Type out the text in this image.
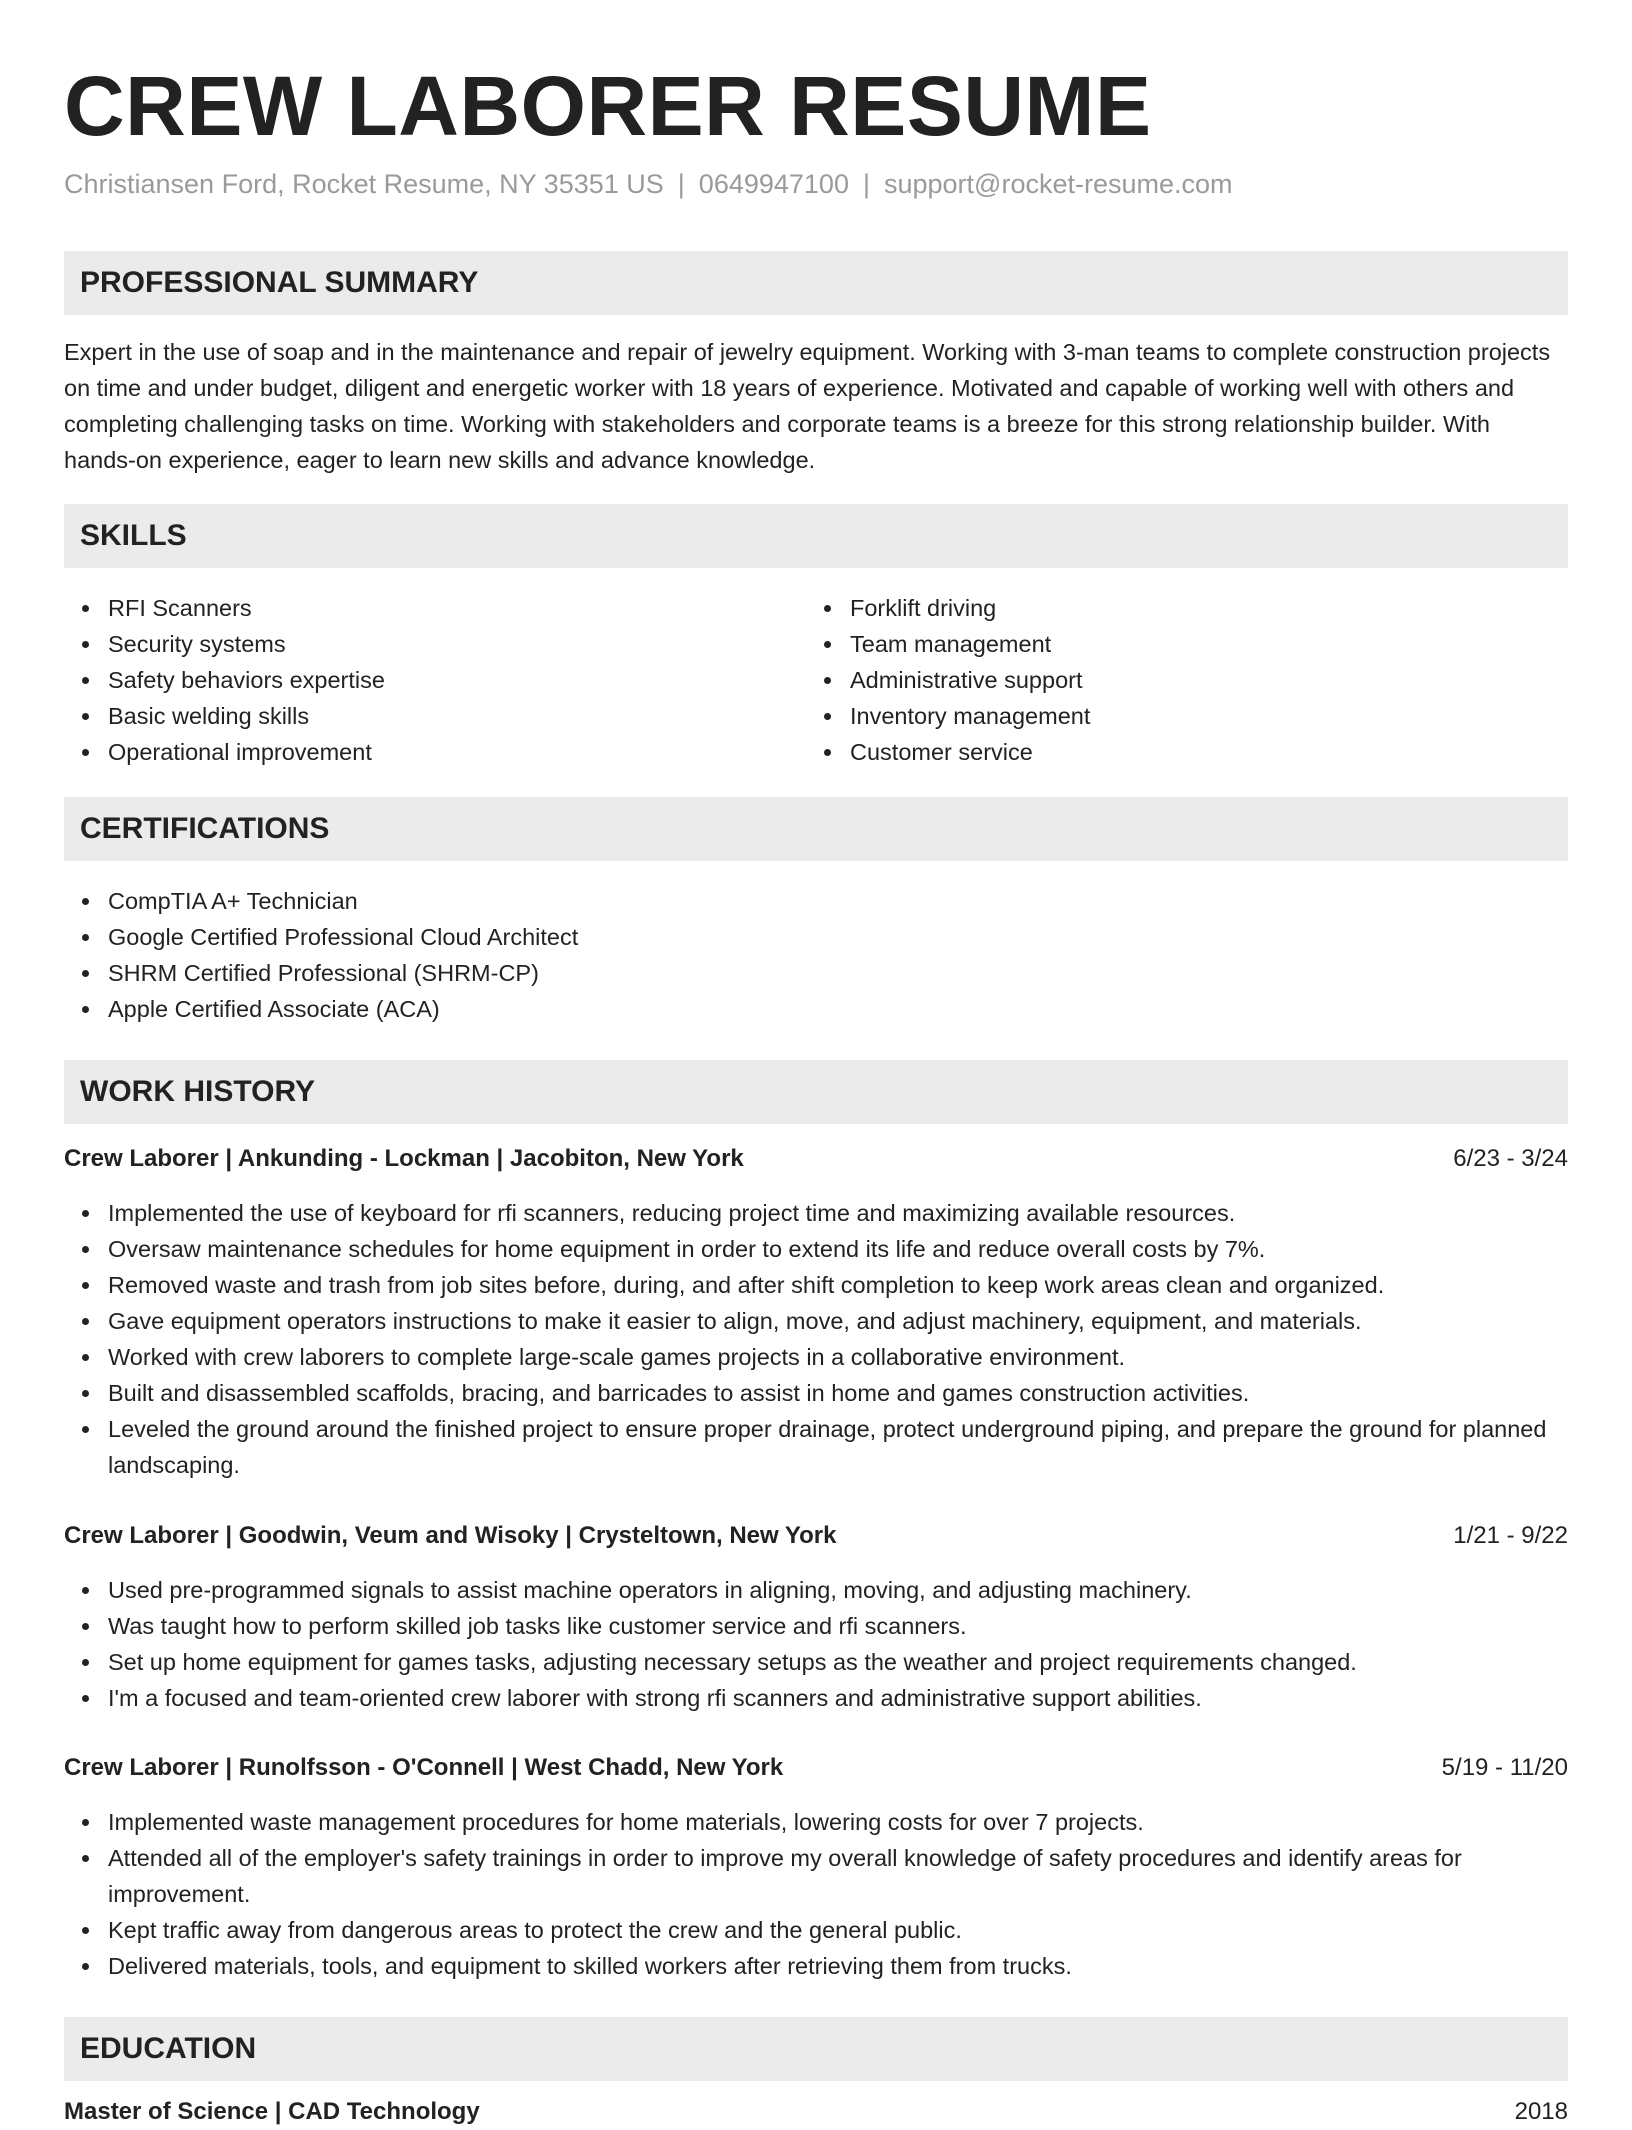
CREW LABORER RESUME
Christiansen Ford, Rocket Resume, NY 35351 US | 0649947100 | support@rocket-resume.com
PROFESSIONAL SUMMARY

Expert in the use of soap and in the maintenance and repair of jewelry equipment. Working with 3-man teams to complete construction projects on time and under budget, diligent and energetic worker with 18 years of experience. Motivated and capable of working well with others and completing challenging tasks on time. Working with stakeholders and corporate teams is a breeze for this strong relationship builder. With hands-on experience, eager to learn new skills and advance knowledge.

SKILLS
RFI Scanners
Security systems
Safety behaviors expertise
Basic welding skills
Operational improvement
Forklift driving
Team management
Administrative support
Inventory management
Customer service
CERTIFICATIONS
CompTIA A+ Technician
Google Certified Professional Cloud Architect
SHRM Certified Professional (SHRM-CP)
Apple Certified Associate (ACA)
WORK HISTORY
Crew Laborer | Ankunding - Lockman | Jacobiton, New York	6/23 - 3/24
Implemented the use of keyboard for rfi scanners, reducing project time and maximizing available resources.
Oversaw maintenance schedules for home equipment in order to extend its life and reduce overall costs by 7%.
Removed waste and trash from job sites before, during, and after shift completion to keep work areas clean and organized.
Gave equipment operators instructions to make it easier to align, move, and adjust machinery, equipment, and materials.
Worked with crew laborers to complete large-scale games projects in a collaborative environment.
Built and disassembled scaffolds, bracing, and barricades to assist in home and games construction activities.
Leveled the ground around the finished project to ensure proper drainage, protect underground piping, and prepare the ground for planned landscaping.
Crew Laborer | Goodwin, Veum and Wisoky | Crysteltown, New York	1/21 - 9/22
Used pre-programmed signals to assist machine operators in aligning, moving, and adjusting machinery.
Was taught how to perform skilled job tasks like customer service and rfi scanners.
Set up home equipment for games tasks, adjusting necessary setups as the weather and project requirements changed.
I'm a focused and team-oriented crew laborer with strong rfi scanners and administrative support abilities.
Crew Laborer | Runolfsson - O'Connell | West Chadd, New York	5/19 - 11/20
Implemented waste management procedures for home materials, lowering costs for over 7 projects.
Attended all of the employer's safety trainings in order to improve my overall knowledge of safety procedures and identify areas for improvement.
Kept traffic away from dangerous areas to protect the crew and the general public.
Delivered materials, tools, and equipment to skilled workers after retrieving them from trucks.
EDUCATION
Master of Science | CAD Technology	2018
